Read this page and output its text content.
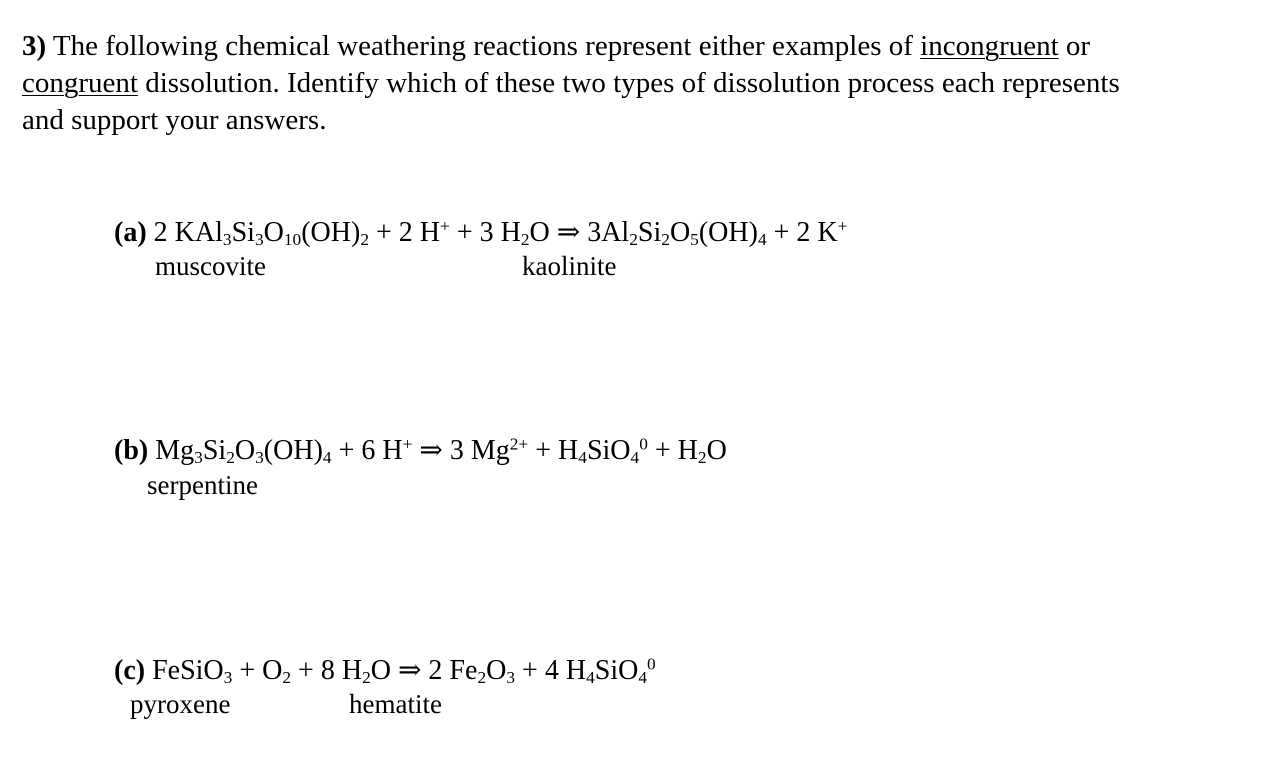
3) The following chemical weathering reactions represent either examples of incongruent or
congruent dissolution. Identify which of these two types of dissolution process each represents
and support your answers.
(a) 2 $KAl_3Si_3O_{10}(OH)_2 + 2$ H+ + 3 $H_2O$ ⇒ $3Al_2Si_2O_5(OH)_4 + 2$ K+
muscovite	kaolinite
(b) $Mg_3Si_2O_3(OH)_4 + 6$ H+ ⇒ 3 $Mg^{2+} + H_4SiO_4^0 + H_2O$
serpentine
(c) FeSiO$_3$ + $O_2 + 8$ $H_2O$ ⇒ 2 $Fe_2O_3 + 4$ $H_4SiO_4^0$
pyroxene	hematite
